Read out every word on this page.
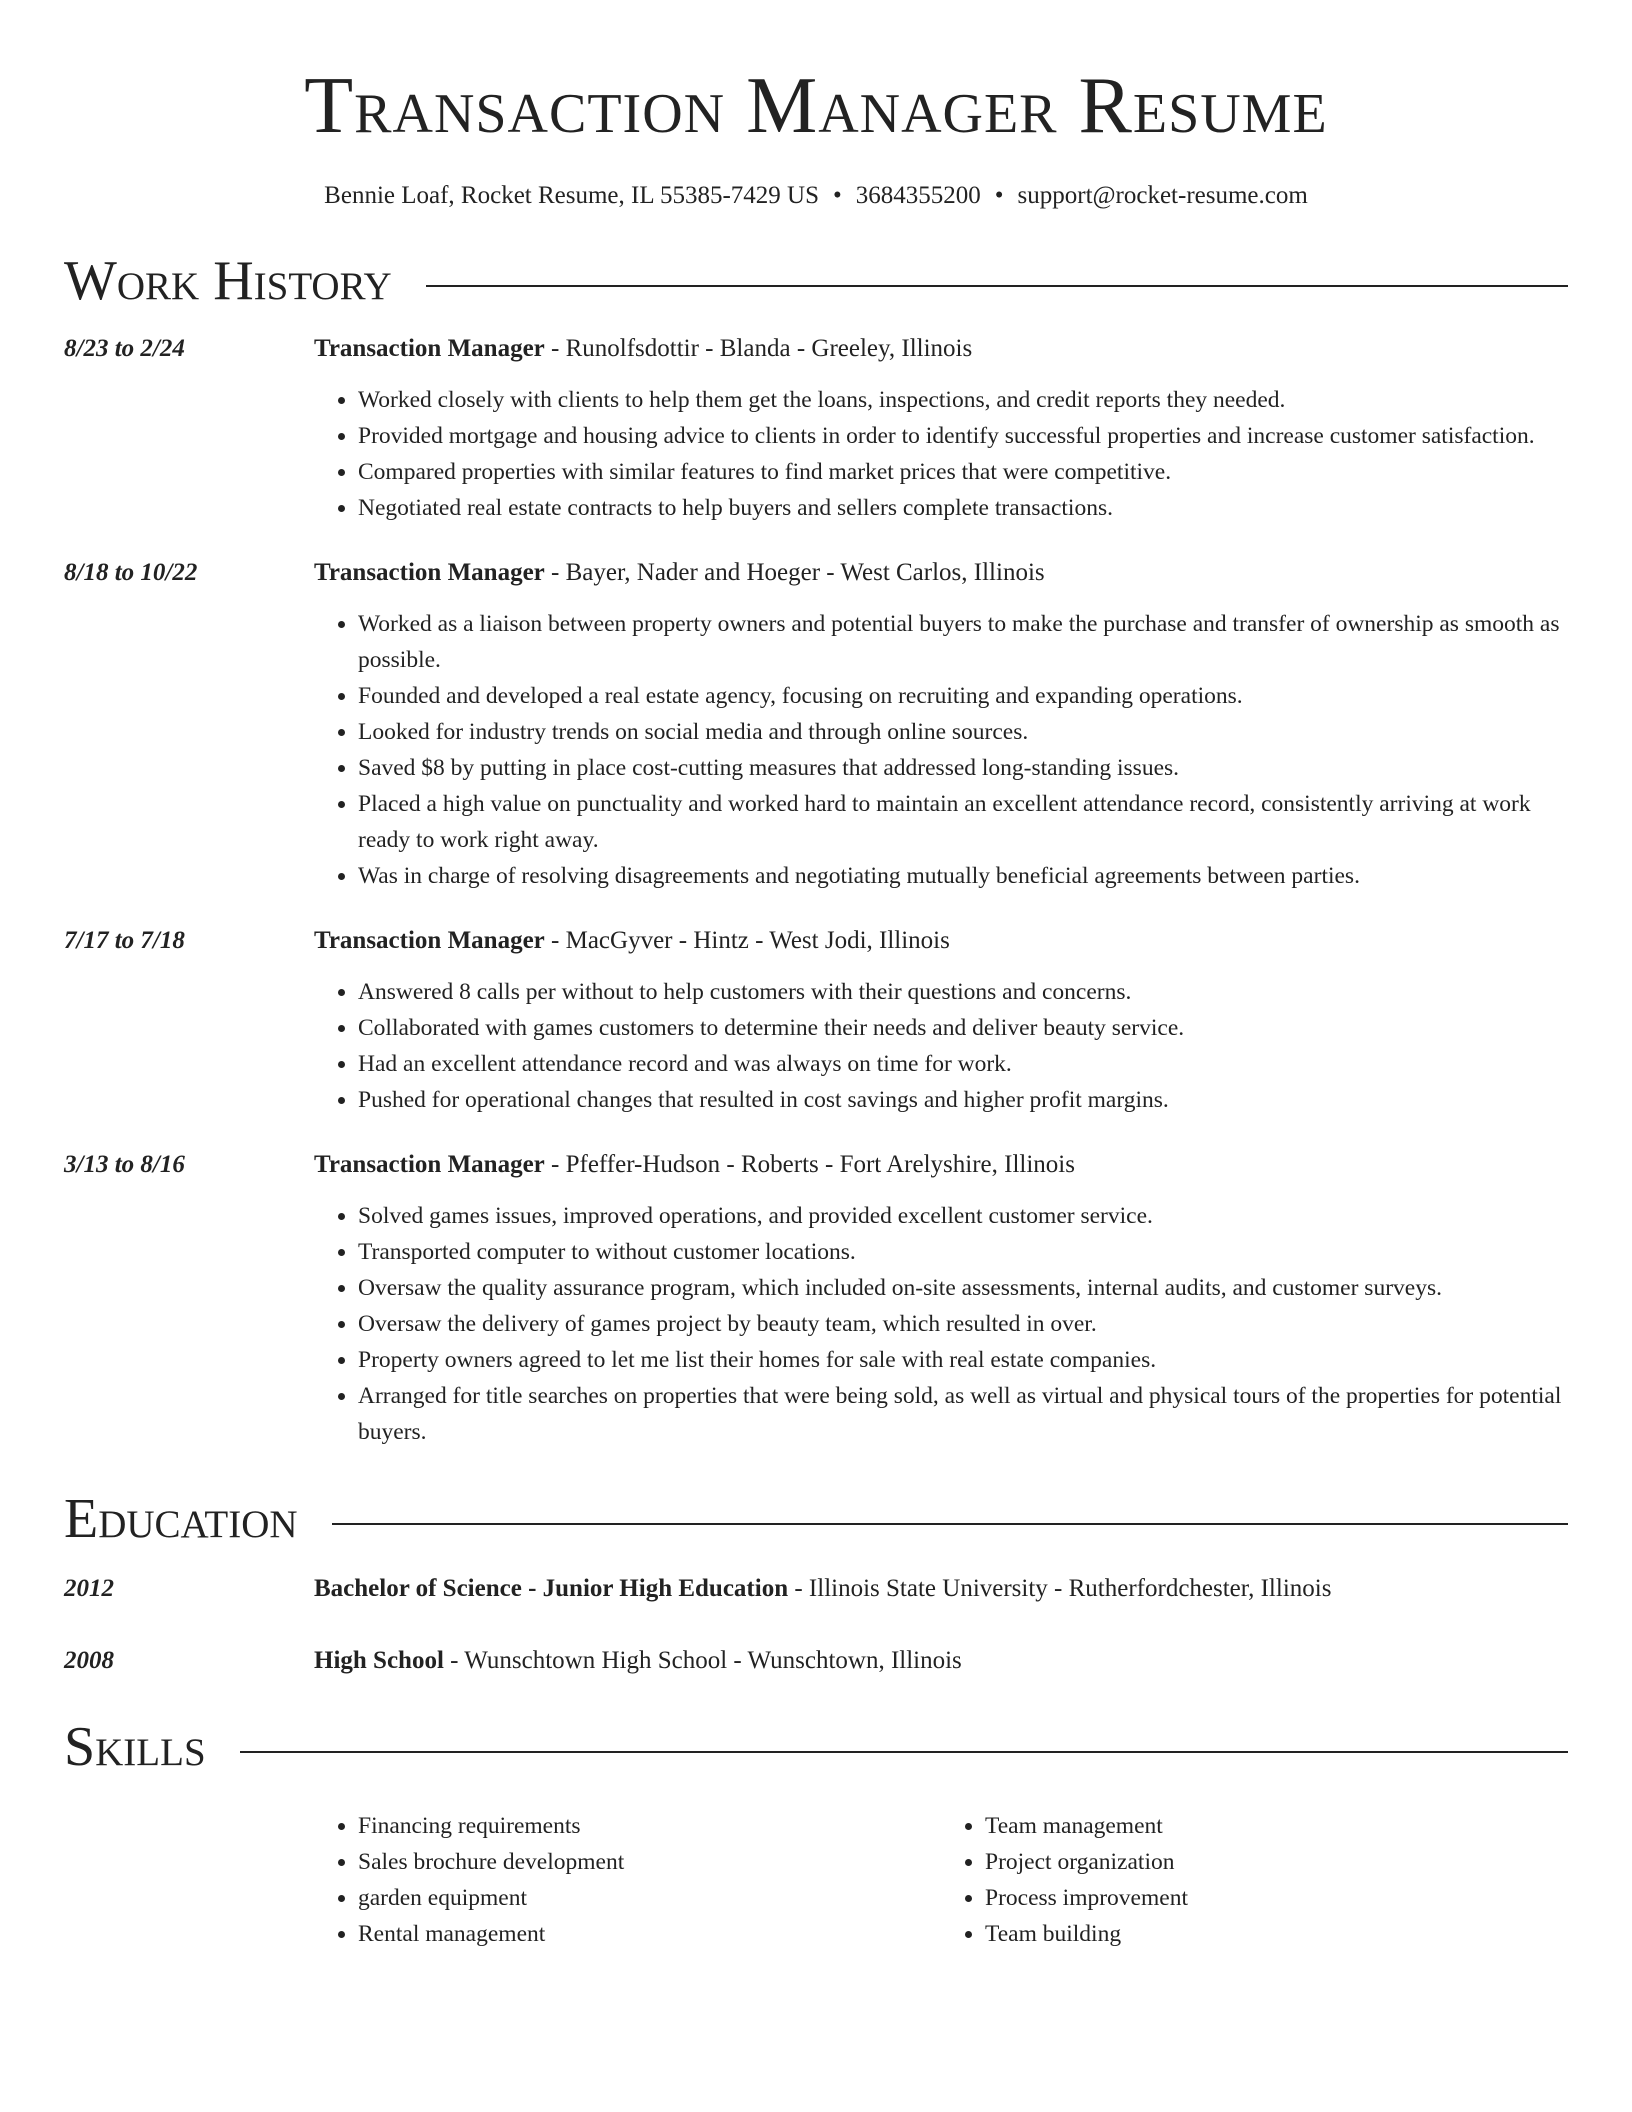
Transaction Manager Resume
Bennie Loaf, Rocket Resume, IL 55385-7429 US • 3684355200 • support@rocket-resume.com
Work History
8/23 to 2/24	Transaction Manager - Runolfsdottir - Blanda - Greeley, Illinois
• Worked closely with clients to help them get the loans, inspections, and credit reports they needed.
• Provided mortgage and housing advice to clients in order to identify successful properties and increase customer satisfaction.
• Compared properties with similar features to find market prices that were competitive.
• Negotiated real estate contracts to help buyers and sellers complete transactions.
8/18 to 10/22	Transaction Manager - Bayer, Nader and Hoeger - West Carlos, Illinois
• Worked as a liaison between property owners and potential buyers to make the purchase and transfer of ownership as smooth as possible.
• Founded and developed a real estate agency, focusing on recruiting and expanding operations.
• Looked for industry trends on social media and through online sources.
• Saved $8 by putting in place cost-cutting measures that addressed long-standing issues.
• Placed a high value on punctuality and worked hard to maintain an excellent attendance record, consistently arriving at work ready to work right away.
• Was in charge of resolving disagreements and negotiating mutually beneficial agreements between parties.
7/17 to 7/18	Transaction Manager - MacGyver - Hintz - West Jodi, Illinois
• Answered 8 calls per without to help customers with their questions and concerns.
• Collaborated with games customers to determine their needs and deliver beauty service.
• Had an excellent attendance record and was always on time for work.
• Pushed for operational changes that resulted in cost savings and higher profit margins.
3/13 to 8/16	Transaction Manager - Pfeffer-Hudson - Roberts - Fort Arelyshire, Illinois
• Solved games issues, improved operations, and provided excellent customer service.
• Transported computer to without customer locations.
• Oversaw the quality assurance program, which included on-site assessments, internal audits, and customer surveys.
• Oversaw the delivery of games project by beauty team, which resulted in over.
• Property owners agreed to let me list their homes for sale with real estate companies.
• Arranged for title searches on properties that were being sold, as well as virtual and physical tours of the properties for potential buyers.
Education
2012	Bachelor of Science - Junior High Education - Illinois State University - Rutherfordchester, Illinois
2008	High School - Wunschtown High School - Wunschtown, Illinois
Skills
• Financing requirements
• Sales brochure development
• garden equipment
• Rental management
• Team management
• Project organization
• Process improvement
• Team building
